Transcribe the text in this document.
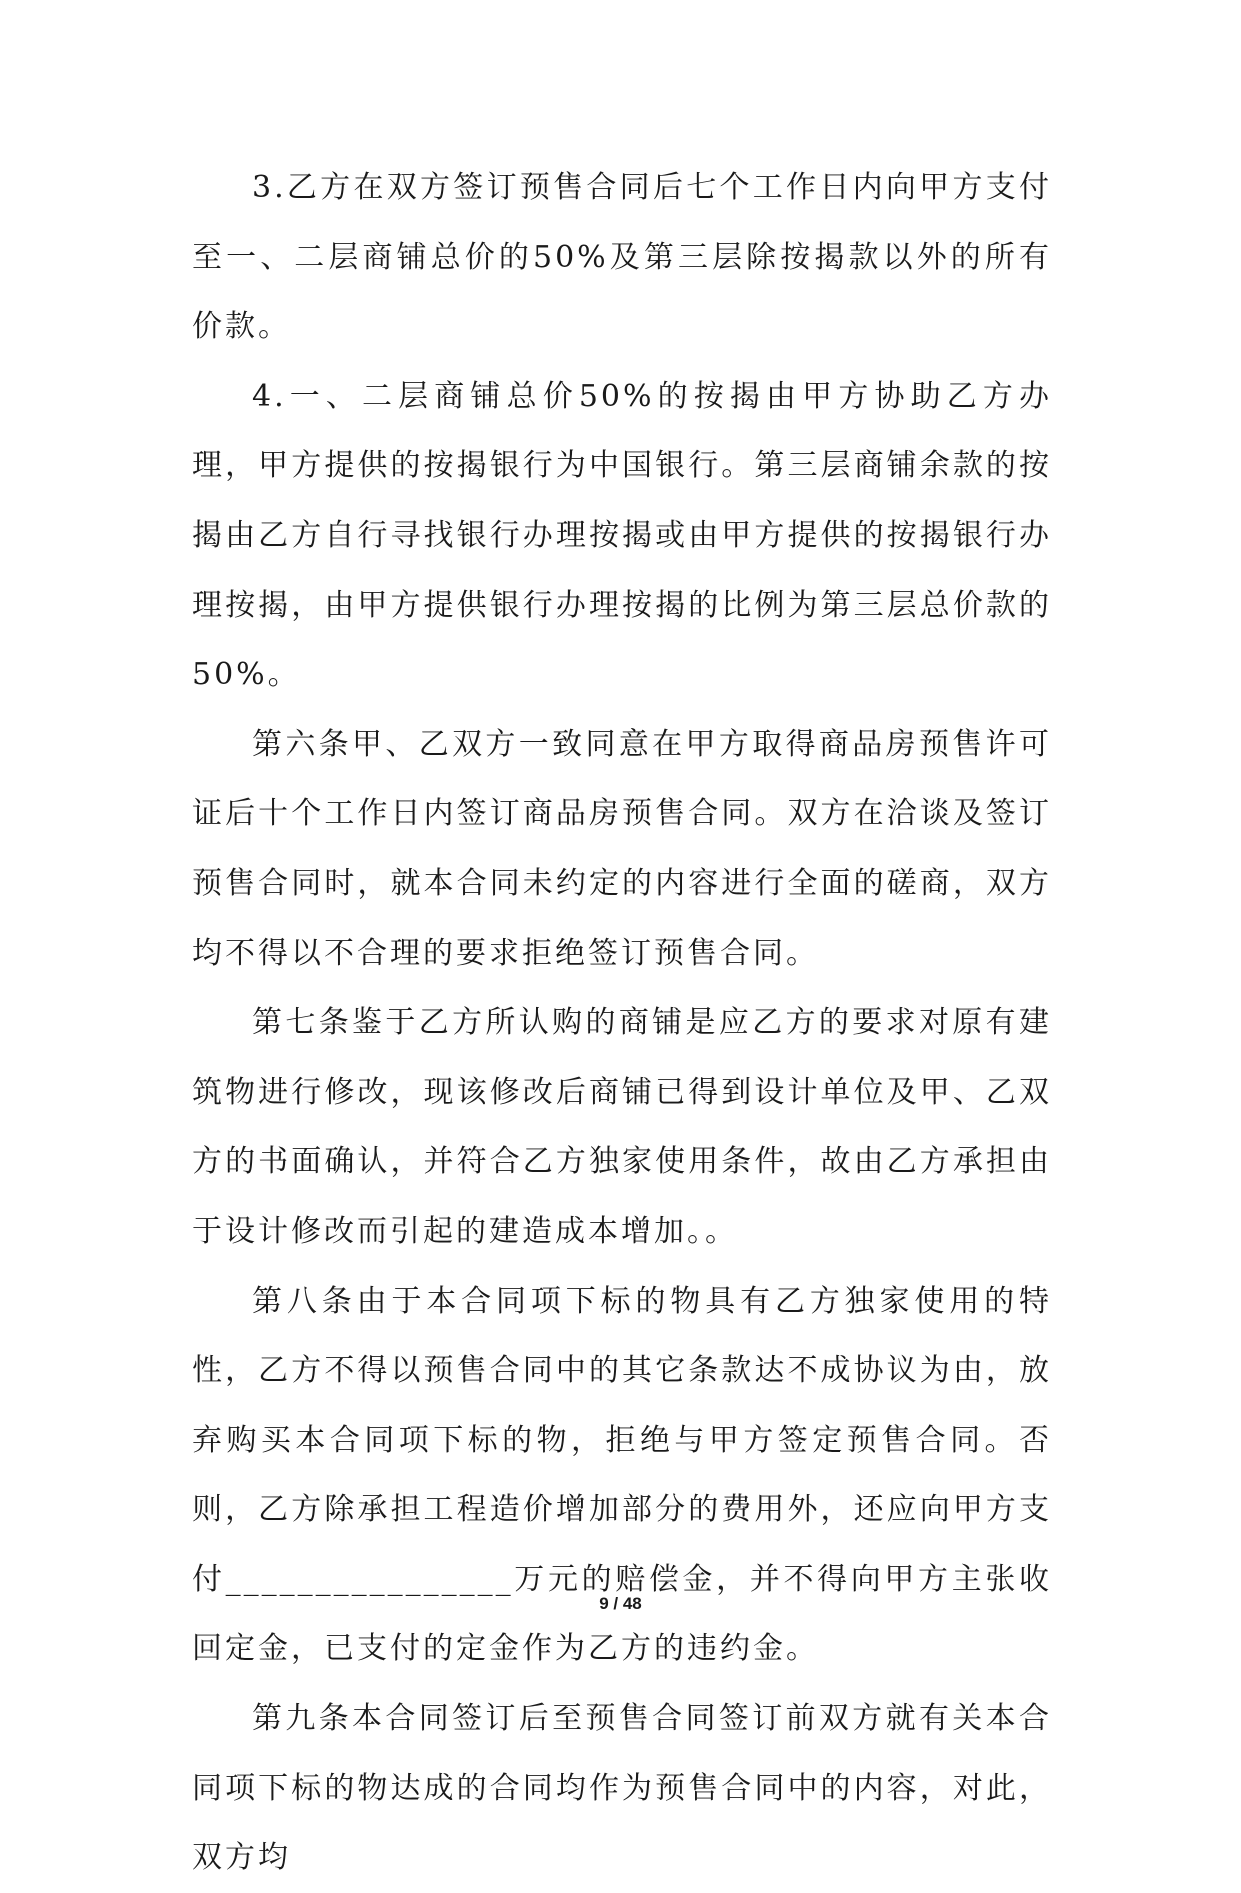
3.乙方在双方签订预售合同后七个工作日内向甲方支付至一、二层商铺总价的50%及第三层除按揭款以外的所有价款。

4.一、二层商铺总价50%的按揭由甲方协助乙方办理，甲方提供的按揭银行为中国银行。第三层商铺余款的按揭由乙方自行寻找银行办理按揭或由甲方提供的按揭银行办理按揭，由甲方提供银行办理按揭的比例为第三层总价款的50%。

第六条甲、乙双方一致同意在甲方取得商品房预售许可证后十个工作日内签订商品房预售合同。双方在洽谈及签订预售合同时，就本合同未约定的内容进行全面的磋商，双方均不得以不合理的要求拒绝签订预售合同。

第七条鉴于乙方所认购的商铺是应乙方的要求对原有建筑物进行修改，现该修改后商铺已得到设计单位及甲、乙双方的书面确认，并符合乙方独家使用条件，故由乙方承担由于设计修改而引起的建造成本增加。。

第八条由于本合同项下标的物具有乙方独家使用的特性，乙方不得以预售合同中的其它条款达不成协议为由，放弃购买本合同项下标的物，拒绝与甲方签定预售合同。否则，乙方除承担工程造价增加部分的费用外，还应向甲方支付________________万元的赔偿金，并不得向甲方主张收回定金，已支付的定金作为乙方的违约金。

第九条本合同签订后至预售合同签订前双方就有关本合同项下标的物达成的合同均作为预售合同中的内容，对此，双方均

9 / 48
